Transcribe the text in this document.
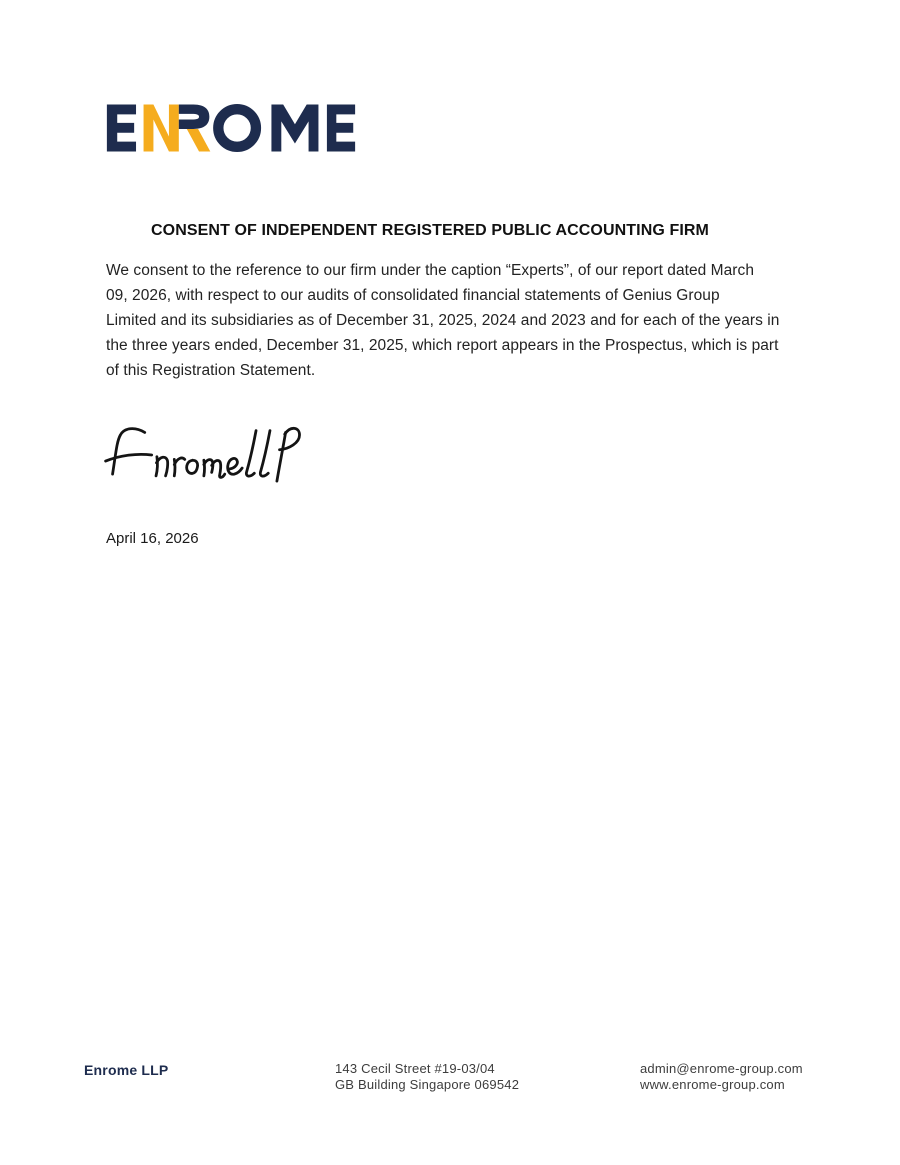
CONSENT OF INDEPENDENT REGISTERED PUBLIC ACCOUNTING FIRM
We consent to the reference to our firm under the caption “Experts”, of our report dated March
09, 2026, with respect to our audits of consolidated financial statements of Genius Group
Limited and its subsidiaries as of December 31, 2025, 2024 and 2023 and for each of the years in
the three years ended, December 31, 2025, which report appears in the Prospectus, which is part
of this Registration Statement.
April 16, 2026
Enrome LLP	143 Cecil Street #19-03/04
GB Building Singapore 069542
admin@enrome-group.com
www.enrome-group.com
